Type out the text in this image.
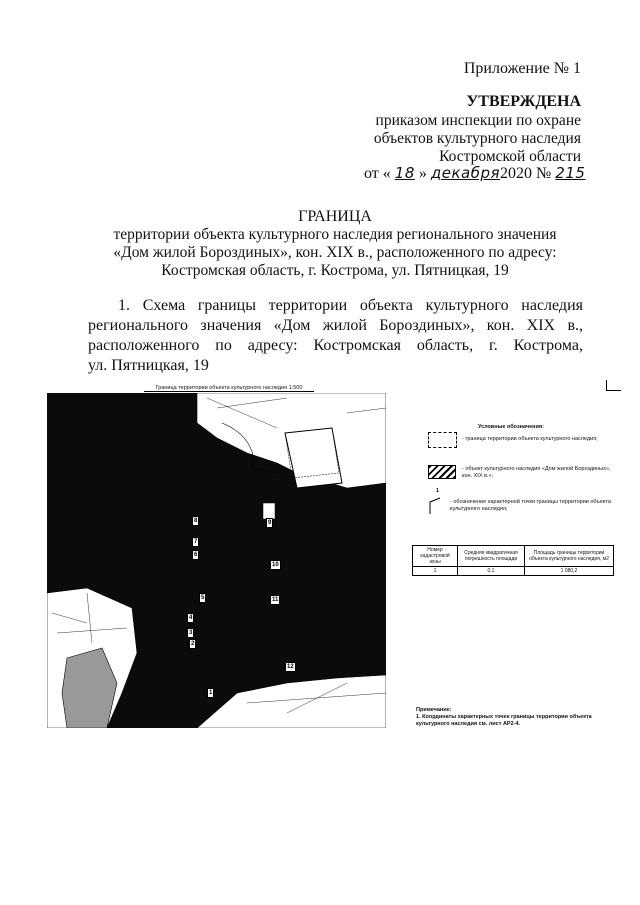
Приложение № 1
УТВЕРЖДЕНА
приказом инспекции по охране
объектов культурного наследия
Костромской области
от « 18 » декабря2020 № 215
ГРАНИЦА
территории объекта культурного наследия регионального значения
«Дом жилой Бороздиных», кон. XIX в., расположенного по адресу:
Костромская область, г. Кострома, ул. Пятницкая, 19
1. Схема границы территории объекта культурного наследия
регионального значения «Дом жилой Бороздиных», кон. XIX в.,
расположенного по адресу: Костромская область, г. Кострома,
ул. Пятницкая, 19
Граница территории объекта культурного наследия 1:500
8	9
7
6
10
5	11
4
3
2
12
1
Условные обозначения:
- граница территории объекта культурного наследия;
- объект культурного наследия «Дом жилой Бороздиных», кон. XIX в.»;
1
- обозначение характерной точки границы территории объекта культурного наследия;
Номер кадастровой зоны	Средняя квадратичная погрешность площади	Площадь границы территории объекта культурного наследия, м2
1	0,1	1 080,2
Примечание:
1. Координаты характерных точек границы территории объекта культурного наследия см. лист АР2-4.
